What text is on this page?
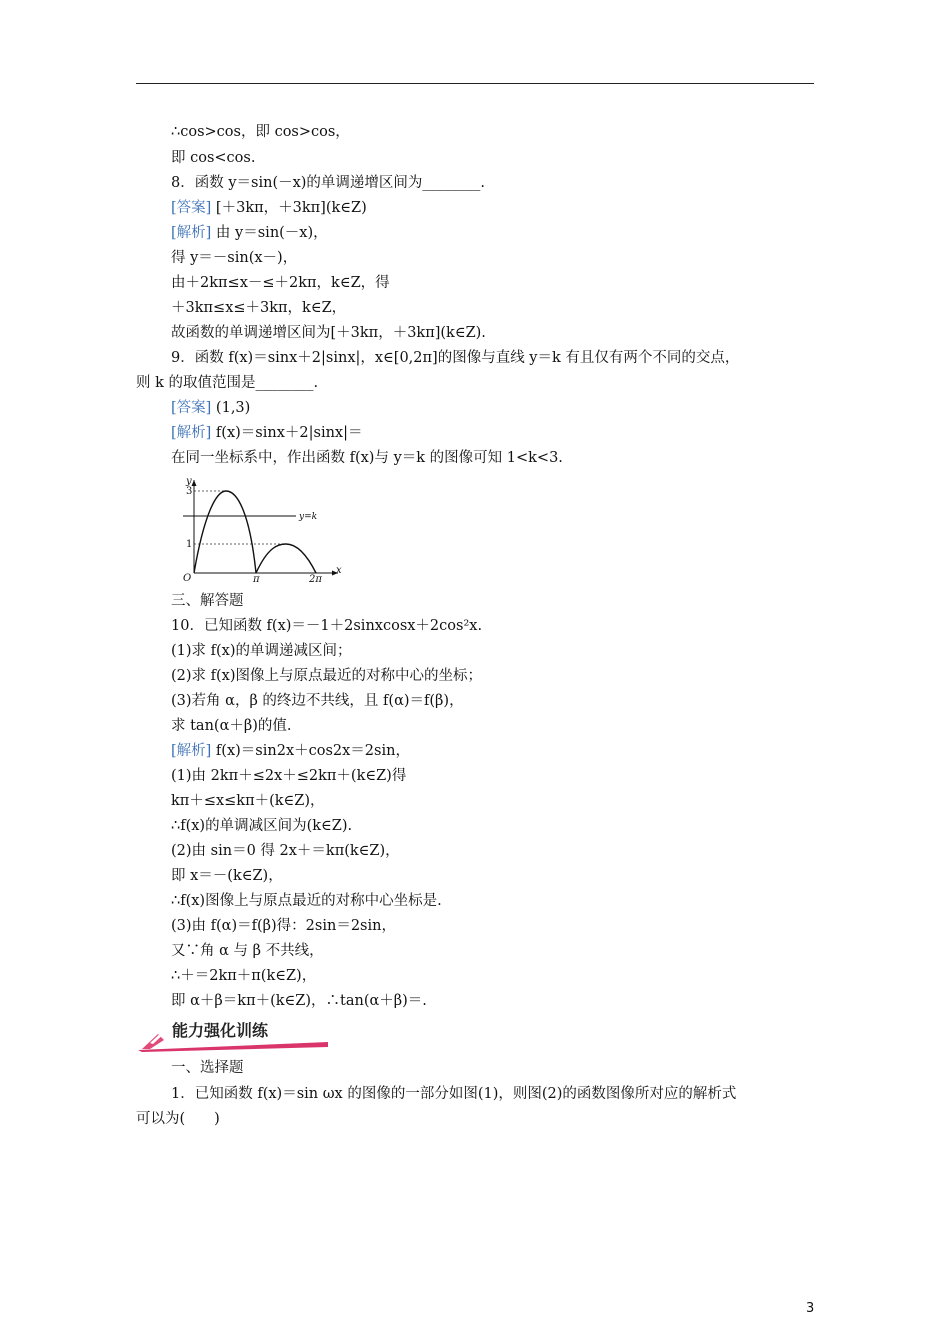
∴cos>cos，即 cos>cos，
即 cos<cos.
8．函数 y＝sin(－x)的单调递增区间为________.
[答案] [＋3kπ，＋3kπ](k∈Z)
[解析] 由 y＝sin(－x)，
得 y＝－sin(x－)，
由＋2kπ≤x－≤＋2kπ，k∈Z，得
＋3kπ≤x≤＋3kπ，k∈Z，
故函数的单调递增区间为[＋3kπ，＋3kπ](k∈Z).
9．函数 f(x)＝sinx＋2|sinx|，x∈[0,2π]的图像与直线 y＝k 有且仅有两个不同的交点，
则 k 的取值范围是________.
[答案] (1,3)
[解析] f(x)＝sinx＋2|sinx|＝
在同一坐标系中，作出函数 f(x)与 y＝k 的图像可知 1<k<3.
y
x
O
3
1
π	2π
y=k
三、解答题
10．已知函数 f(x)＝－1＋2sinxcosx＋2cos²x.
(1)求 f(x)的单调递减区间；
(2)求 f(x)图像上与原点最近的对称中心的坐标；
(3)若角 α，β 的终边不共线，且 f(α)＝f(β)，
求 tan(α＋β)的值.
[解析] f(x)＝sin2x＋cos2x＝2sin，
(1)由 2kπ＋≤2x＋≤2kπ＋(k∈Z)得
kπ＋≤x≤kπ＋(k∈Z)，
∴f(x)的单调减区间为(k∈Z).
(2)由 sin＝0 得 2x＋＝kπ(k∈Z)，
即 x＝－(k∈Z)，
∴f(x)图像上与原点最近的对称中心坐标是.
(3)由 f(α)＝f(β)得：2sin＝2sin，
又∵角 α 与 β 不共线，
∴＋＝2kπ＋π(k∈Z)，
即 α＋β＝kπ＋(k∈Z)，∴tan(α＋β)＝.
能力强化训练
一、选择题
1．已知函数 f(x)＝sin ωx 的图像的一部分如图(1)，则图(2)的函数图像所对应的解析式
可以为(　　)
3
